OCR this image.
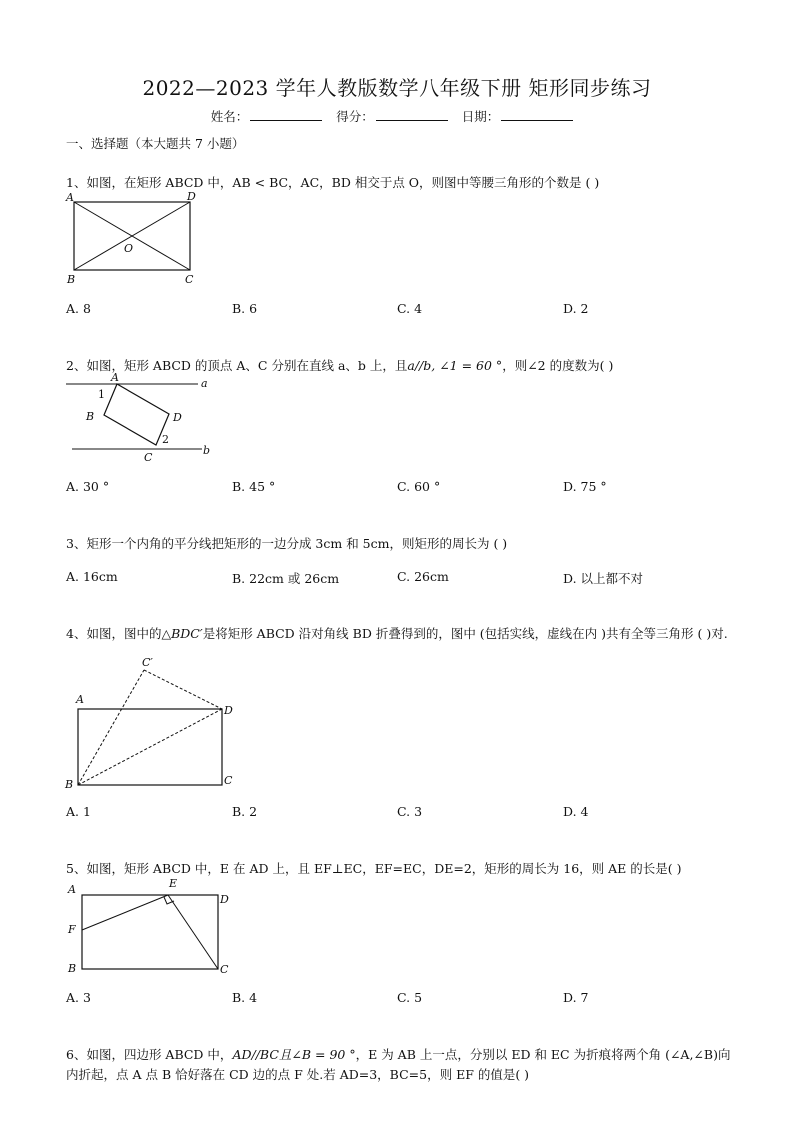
2022—2023 学年人教版数学八年级下册 矩形同步练习
姓名：	得分：	日期：
一、选择题（本大题共 7 小题）
1、如图，在矩形 ABCD 中，AB < BC，AC，BD 相交于点 O，则图中等腰三角形的个数是 ( )
A	D
O
B	C
A. 8	B. 6	C. 4	D. 2
2、如图，矩形 ABCD 的顶点 A、C 分别在直线 a、b 上，且a//b, ∠1 = 60 °，则∠2 的度数为( )
A	a
1
B	D
2
C
b
A. 30 °	B. 45 °	C. 60 °	D. 75 °
3、矩形一个内角的平分线把矩形的一边分成 3cm 和 5cm，则矩形的周长为 ( )
A. 16cm	B. 22cm 或 26cm	C. 26cm	D. 以上都不对
4、如图，图中的△BDC′是将矩形 ABCD 沿对角线 BD 折叠得到的，图中 (包括实线，虚线在内 )共有全等三角形 ( )对.
C′
A
D
B	C
A. 1	B. 2	C. 3	D. 4
5、如图，矩形 ABCD 中，E 在 AD 上，且 EF⊥EC，EF=EC，DE=2，矩形的周长为 16，则 AE 的长是( )
A	E
D
F
B	C
A. 3	B. 4	C. 5	D. 7
6、如图，四边形 ABCD 中，AD//BC且∠B = 90 °，E 为 AB 上一点，分别以 ED 和 EC 为折痕将两个角 (∠A,∠B)向内折起，点 A 点 B 恰好落在 CD 边的点 F 处.若 AD=3，BC=5，则 EF 的值是( )
